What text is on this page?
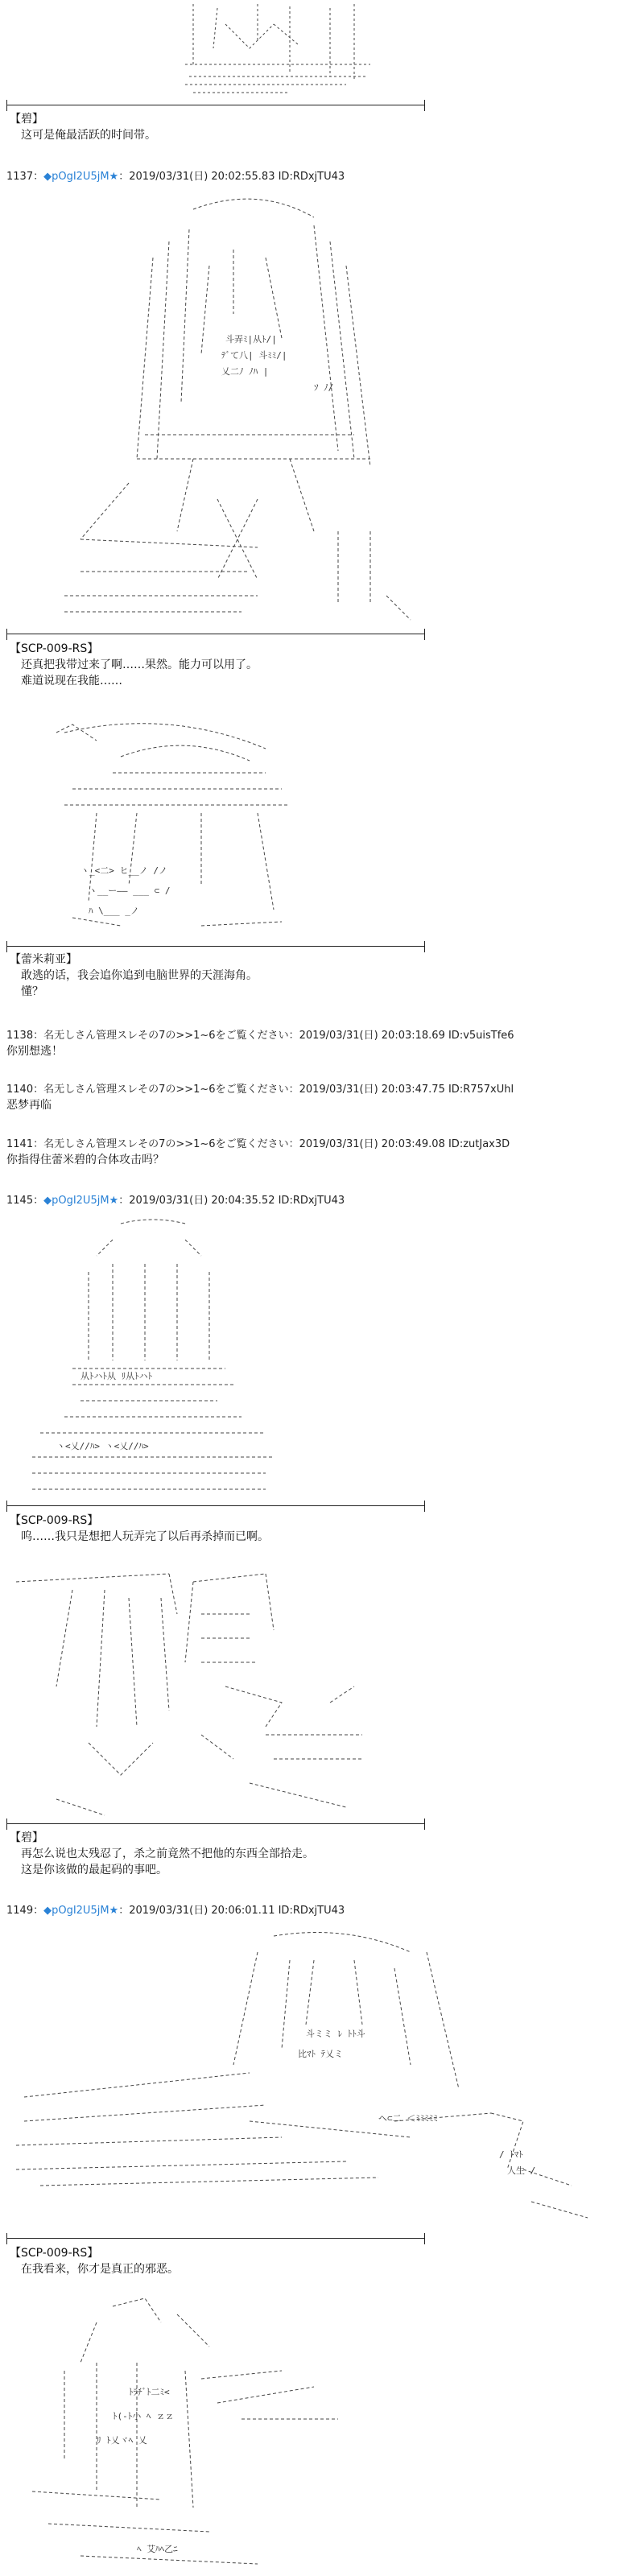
【碧】
这可是俺最活跃的时间带。
1137：◆pOgI2U5jM★：2019/03/31(日) 20:02:55.83 ID:RDxjTU43
斗弄ﾐ|从ﾄ/|
ﾃﾞて八| 斗ﾐﾐ/|
乂二ﾉ ﾉﾊ |
ｿ ﾉ/
【SCP-009-RS】
还真把我带过来了啊……果然。能力可以用了。
难道说现在我能……
ヽ_<二> ヒ__ノ /ノ
ヽ__ー―― ___ ⊂ /
ﾊ \___ _ノ
【蕾米莉亚】
敢逃的话，我会追你追到电脑世界的天涯海角。
懂？
1138：名无しさん管理スレその7の>>1~6をご覧ください：2019/03/31(日) 20:03:18.69 ID:v5uisTfe6
你别想逃！
1140：名无しさん管理スレその7の>>1~6をご覧ください：2019/03/31(日) 20:03:47.75 ID:R757xUhl
恶梦再临
1141：名无しさん管理スレその7の>>1~6をご覧ください：2019/03/31(日) 20:03:49.08 ID:zutJax3D
你指得住蕾米碧的合体攻击吗？
1145：◆pOgI2U5jM★：2019/03/31(日) 20:04:35.52 ID:RDxjTU43
从ﾄハﾄ从 ﾘ从ﾄハﾄ
ヽ<乂//ﾊ> ヽ<乂//ﾊ>
【SCP-009-RS】
呜……我只是想把人玩弄完了以后再杀掉而已啊。
【碧】
再怎么说也太残忍了，杀之前竟然不把他的东西全部拾走。
这是你该做的最起码的事吧。
1149：◆pOgI2U5jM★：2019/03/31(日) 20:06:01.11 ID:RDxjTU43
斗ミミ ﾚ ﾄﾄ斗
比ﾏﾄ ﾃ乂ミ
ヘ⊂二 ＜ﾐﾐﾐﾐﾐ
/ ﾄﾏﾄ
人生 /
【SCP-009-RS】
在我看来，你才是真正的邪恶。
ﾄﾗﾁﾞﾄ二ﾐ<
ﾄ(-ﾄ小 ﾍ ｚｚ
ﾘ ﾄ乂ヾﾍ 乂
ﾍ 艾ﾊﾍ乙ﾆ
